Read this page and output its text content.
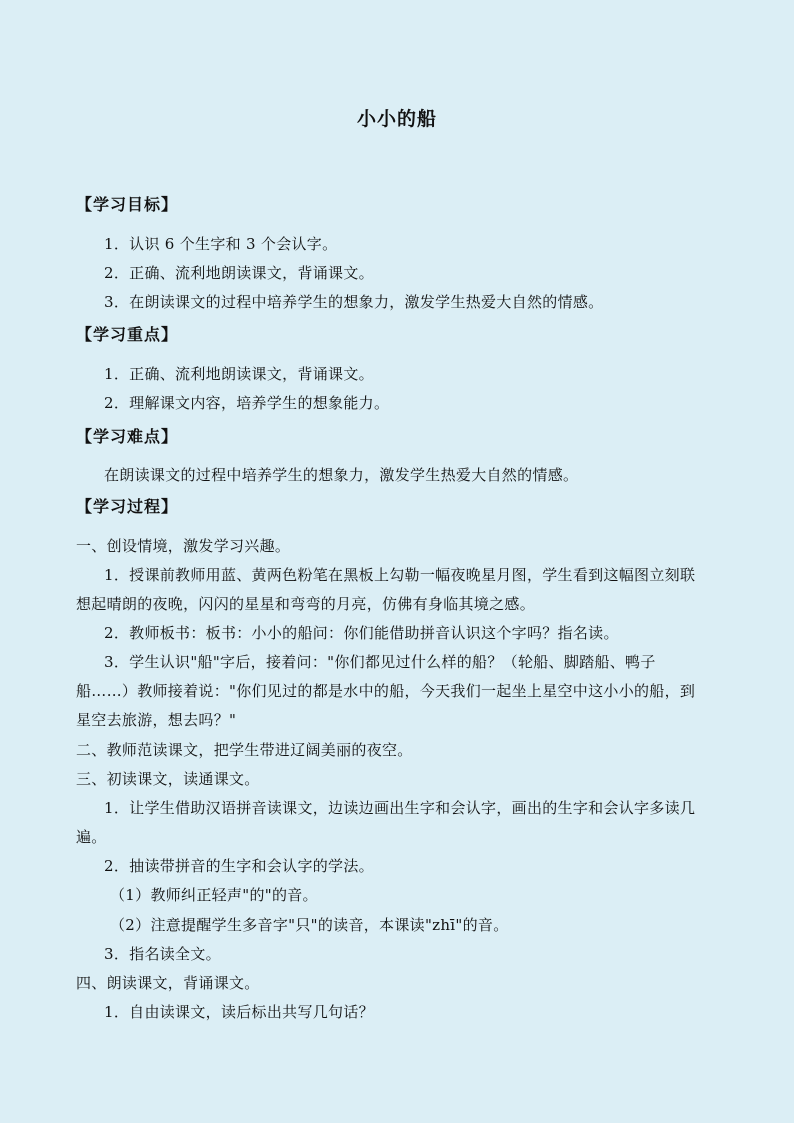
小小的船
【学习目标】
1．认识 6 个生字和 3 个会认字。
2．正确、流利地朗读课文，背诵课文。
3．在朗读课文的过程中培养学生的想象力，激发学生热爱大自然的情感。
【学习重点】
1．正确、流利地朗读课文，背诵课文。
2．理解课文内容，培养学生的想象能力。
【学习难点】
在朗读课文的过程中培养学生的想象力，激发学生热爱大自然的情感。
【学习过程】
一、创设情境，激发学习兴趣。
1．授课前教师用蓝、黄两色粉笔在黑板上勾勒一幅夜晚星月图，学生看到这幅图立刻联
想起晴朗的夜晚，闪闪的星星和弯弯的月亮，仿佛有身临其境之感。
2．教师板书：板书：小小的船问：你们能借助拼音认识这个字吗？指名读。
3．学生认识"船"字后，接着问："你们都见过什么样的船？（轮船、脚踏船、鸭子
船……）教师接着说："你们见过的都是水中的船，今天我们一起坐上星空中这小小的船，到
星空去旅游，想去吗？"
二、教师范读课文，把学生带进辽阔美丽的夜空。
三、初读课文，读通课文。
1．让学生借助汉语拼音读课文，边读边画出生字和会认字，画出的生字和会认字多读几
遍。
2．抽读带拼音的生字和会认字的学法。
（1）教师纠正轻声"的"的音。
（2）注意提醒学生多音字"只"的读音，本课读"zhī"的音。
3．指名读全文。
四、朗读课文，背诵课文。
1．自由读课文，读后标出共写几句话？
